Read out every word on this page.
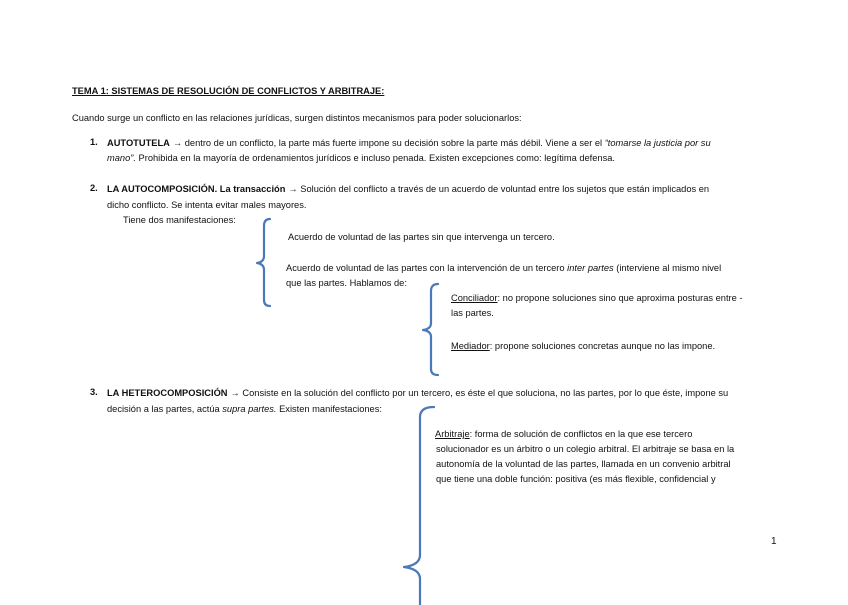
TEMA 1: SISTEMAS DE RESOLUCIÓN DE CONFLICTOS Y ARBITRAJE:
Cuando surge un conflicto en las relaciones jurídicas, surgen distintos mecanismos para poder solucionarlos:
1. AUTOTUTELA → dentro de un conflicto, la parte más fuerte impone su decisión sobre la parte más débil. Viene a ser el “tomarse la justicia por su
mano”. Prohibida en la mayoría de ordenamientos jurídicos e incluso penada. Existen excepciones como: legítima defensa.
2. LA AUTOCOMPOSICIÓN. La transacción → Solución del conflicto a través de un acuerdo de voluntad entre los sujetos que están implicados en
dicho conflicto. Se intenta evitar males mayores.
Tiene dos manifestaciones:
Acuerdo de voluntad de las partes sin que intervenga un tercero.
Acuerdo de voluntad de las partes con la intervención de un tercero inter partes (interviene al mismo nivel
que las partes. Hablamos de:
Conciliador: no propone soluciones sino que aproxima posturas entre -
las partes.
Mediador: propone soluciones concretas aunque no las impone.
3. LA HETEROCOMPOSICIÓN → Consiste en la solución del conflicto por un tercero, es éste el que soluciona, no las partes, por lo que éste, impone su
decisión a las partes, actúa supra partes. Existen manifestaciones:
Arbitraje: forma de solución de conflictos en la que ese tercero
solucionador es un árbitro o un colegio arbitral. El arbitraje se basa en la
autonomía de la voluntad de las partes, llamada en un convenio arbitral
que tiene una doble función: positiva (es más flexible, confidencial y
1
